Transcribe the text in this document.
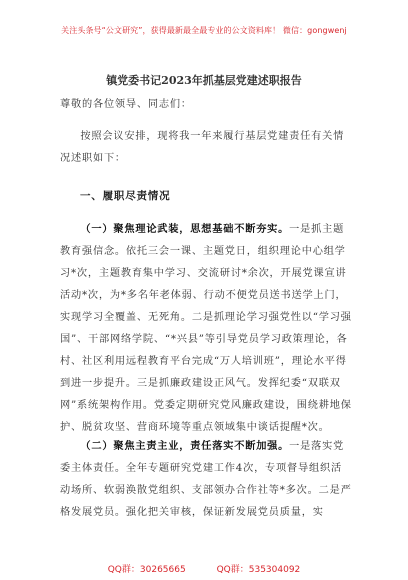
关注头条号“公文研究”，获得最新最全最专业的公文资料库！ 微信：gongwenj
镇党委书记2023年抓基层党建述职报告
尊敬的各位领导、同志们：
按照会议安排，现将我一年来履行基层党建责任有关情况述职如下：
一、履职尽责情况
（一）聚焦理论武装，思想基础不断夯实。一是抓主题教育强信念。依托三会一课、主题党日，组织理论中心组学习*次，主题教育集中学习、交流研讨*余次，开展党课宣讲活动*次，为*多名年老体弱、行动不便党员送书送学上门，实现学习全覆盖、无死角。二是抓理论学习强党性以“学习强国”、干部网络学院、“*兴县”等引导党员学习政策理论，各村、社区利用远程教育平台完成“万人培训班”，理论水平得到进一步提升。三是抓廉政建设正风气。发挥纪委“双联双网”系统架构作用。党委定期研究党风廉政建设，围绕耕地保护、脱贫攻坚、营商环境等重点领域集中谈话提醒*次。
（二）聚焦主责主业，责任落实不断加强。一是落实党委主体责任。全年专题研究党建工作4次，专项督导组织活动场所、软弱涣散党组织、支部领办合作社等*多次。二是严格发展党员。强化把关审核，保证新发展党员质量，实
QQ群：30265665	QQ群：535304092
